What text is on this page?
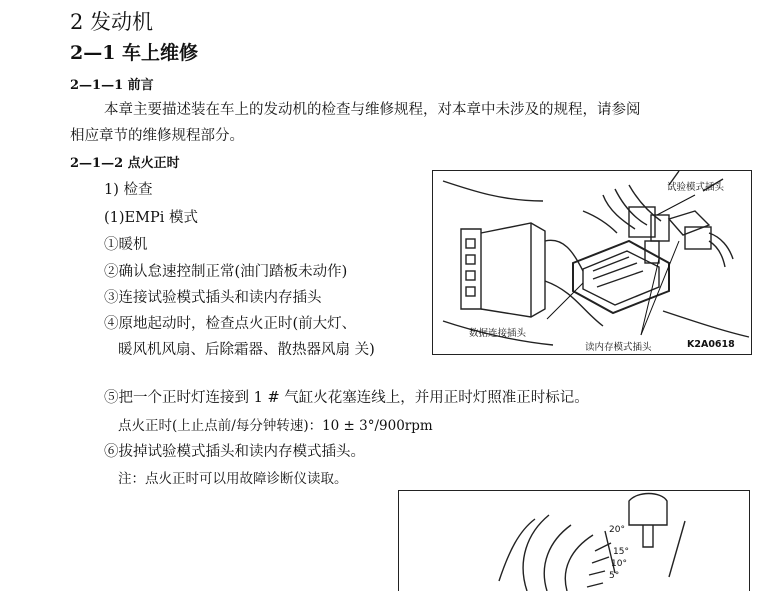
2 发动机
2—1 车上维修
2—1—1 前言
本章主要描述装在车上的发动机的检查与维修规程，对本章中未涉及的规程，请参阅
相应章节的维修规程部分。
2—1—2 点火正时
1) 检查
(1)EMPi 模式
①暖机
②确认怠速控制正常(油门踏板未动作)
③连接试验模式插头和读内存插头
④原地起动时，检查点火正时(前大灯、
暖风机风扇、后除霜器、散热器风扇 关)
试验模式插头
数据连接插头
读内存模式插头	K2A0618
⑤把一个正时灯连接到 1 # 气缸火花塞连线上，并用正时灯照准正时标记。
点火正时(上止点前/每分钟转速)：10 ± 3°/900rpm
⑥拔掉试验模式插头和读内存模式插头。
注：点火正时可以用故障诊断仪读取。
20°
15°
10°
5°
